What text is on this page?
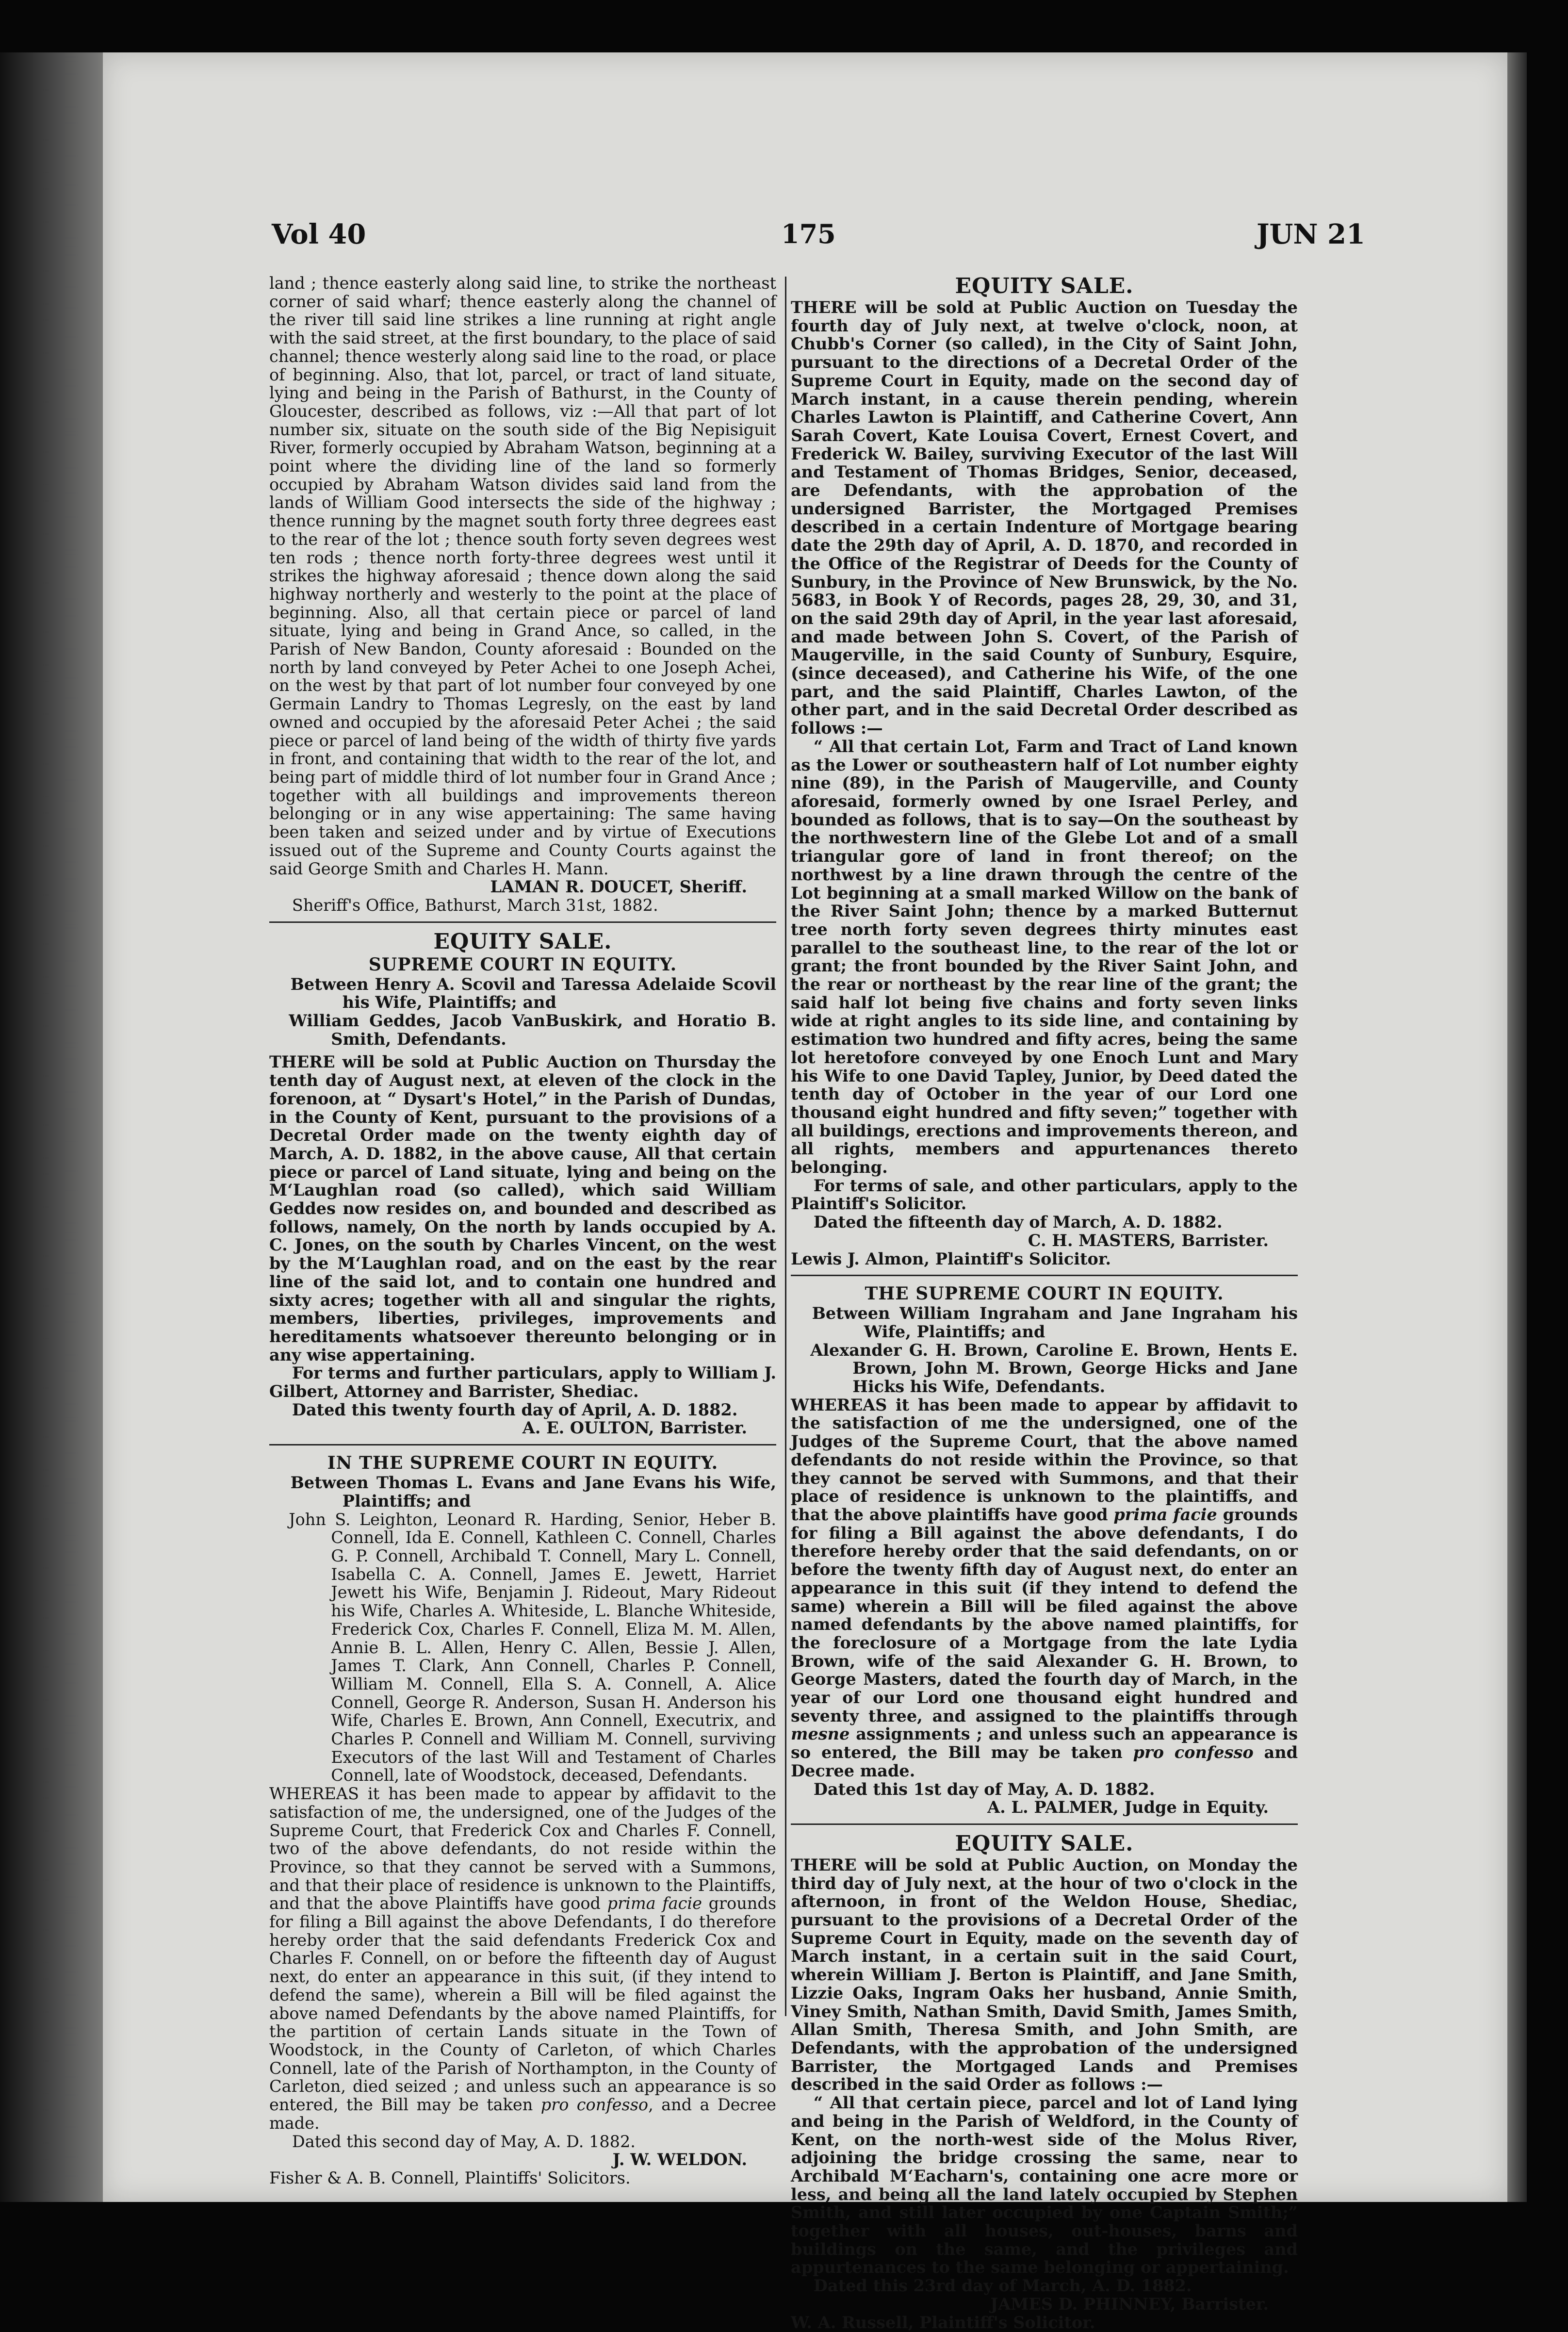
Vol 40	175	JUN 21

land ; thence easterly along said line, to strike the northeast corner of said wharf; thence easterly along the channel of the river till said line strikes a line running at right angle with the said street, at the first boundary, to the place of said channel; thence westerly along said line to the road, or place of beginning. Also, that lot, parcel, or tract of land situate, lying and being in the Parish of Bathurst, in the County of Gloucester, described as follows, viz :—All that part of lot number six, situate on the south side of the Big Nepisiguit River, formerly occupied by Abraham Watson, beginning at a point where the dividing line of the land so formerly occupied by Abraham Watson divides said land from the lands of William Good intersects the side of the highway ; thence running by the magnet south forty three degrees east to the rear of the lot ; thence south forty seven degrees west ten rods ; thence north forty-three degrees west until it strikes the highway aforesaid ; thence down along the said highway northerly and westerly to the point at the place of beginning. Also, all that certain piece or parcel of land situate, lying and being in Grand Ance, so called, in the Parish of New Bandon, County aforesaid : Bounded on the north by land conveyed by Peter Achei to one Joseph Achei, on the west by that part of lot number four conveyed by one Germain Landry to Thomas Legresly, on the east by land owned and occupied by the aforesaid Peter Achei ; the said piece or parcel of land being of the width of thirty five yards in front, and containing that width to the rear of the lot, and being part of middle third of lot number four in Grand Ance ; together with all buildings and improvements thereon belonging or in any wise appertaining: The same having been taken and seized under and by virtue of Executions issued out of the Supreme and County Courts against the said George Smith and Charles H. Mann.

LAMAN R. DOUCET, Sheriff.

Sheriff's Office, Bathurst, March 31st, 1882.

EQUITY SALE.

SUPREME COURT IN EQUITY.

Between Henry A. Scovil and Taressa Adelaide Scovil his Wife, Plaintiffs; and

William Geddes, Jacob VanBuskirk, and Horatio B. Smith, Defendants.

THERE will be sold at Public Auction on Thursday the tenth day of August next, at eleven of the clock in the forenoon, at “ Dysart's Hotel,” in the Parish of Dundas, in the County of Kent, pursuant to the provisions of a Decretal Order made on the twenty eighth day of March, A. D. 1882, in the above cause, All that certain piece or parcel of Land situate, lying and being on the M‘Laughlan road (so called), which said William Geddes now resides on, and bounded and described as follows, namely, On the north by lands occupied by A. C. Jones, on the south by Charles Vincent, on the west by the M‘Laughlan road, and on the east by the rear line of the said lot, and to contain one hundred and sixty acres; together with all and singular the rights, members, liberties, privileges, improvements and hereditaments whatsoever thereunto belonging or in any wise appertaining.

For terms and further particulars, apply to William J. Gilbert, Attorney and Barrister, Shediac.

Dated this twenty fourth day of April, A. D. 1882.

A. E. OULTON, Barrister.

IN THE SUPREME COURT IN EQUITY.

Between Thomas L. Evans and Jane Evans his Wife, Plaintiffs; and

John S. Leighton, Leonard R. Harding, Senior, Heber B. Connell, Ida E. Connell, Kathleen C. Connell, Charles G. P. Connell, Archibald T. Connell, Mary L. Connell, Isabella C. A. Connell, James E. Jewett, Harriet Jewett his Wife, Benjamin J. Rideout, Mary Rideout his Wife, Charles A. Whiteside, L. Blanche Whiteside, Frederick Cox, Charles F. Connell, Eliza M. M. Allen, Annie B. L. Allen, Henry C. Allen, Bessie J. Allen, James T. Clark, Ann Connell, Charles P. Connell, William M. Connell, Ella S. A. Connell, A. Alice Connell, George R. Anderson, Susan H. Anderson his Wife, Charles E. Brown, Ann Connell, Executrix, and Charles P. Connell and William M. Connell, surviving Executors of the last Will and Testament of Charles Connell, late of Woodstock, deceased, Defendants.

WHEREAS it has been made to appear by affidavit to the satisfaction of me, the undersigned, one of the Judges of the Supreme Court, that Frederick Cox and Charles F. Connell, two of the above defendants, do not reside within the Province, so that they cannot be served with a Summons, and that their place of residence is unknown to the Plaintiffs, and that the above Plaintiffs have good prima facie grounds for filing a Bill against the above Defendants, I do therefore hereby order that the said defendants Frederick Cox and Charles F. Connell, on or before the fifteenth day of August next, do enter an appearance in this suit, (if they intend to defend the same), wherein a Bill will be filed against the above named Defendants by the above named Plaintiffs, for the partition of certain Lands situate in the Town of Woodstock, in the County of Carleton, of which Charles Connell, late of the Parish of Northampton, in the County of Carleton, died seized ; and unless such an appearance is so entered, the Bill may be taken pro confesso, and a Decree made.

Dated this second day of May, A. D. 1882.

J. W. WELDON.

Fisher & A. B. Connell, Plaintiffs' Solicitors.

EQUITY SALE.

THERE will be sold at Public Auction on Tuesday the fourth day of July next, at twelve o'clock, noon, at Chubb's Corner (so called), in the City of Saint John, pursuant to the directions of a Decretal Order of the Supreme Court in Equity, made on the second day of March instant, in a cause therein pending, wherein Charles Lawton is Plaintiff, and Catherine Covert, Ann Sarah Covert, Kate Louisa Covert, Ernest Covert, and Frederick W. Bailey, surviving Executor of the last Will and Testament of Thomas Bridges, Senior, deceased, are Defendants, with the approbation of the undersigned Barrister, the Mortgaged Premises described in a certain Indenture of Mortgage bearing date the 29th day of April, A. D. 1870, and recorded in the Office of the Registrar of Deeds for the County of Sunbury, in the Province of New Brunswick, by the No. 5683, in Book Y of Records, pages 28, 29, 30, and 31, on the said 29th day of April, in the year last aforesaid, and made between John S. Covert, of the Parish of Maugerville, in the said County of Sunbury, Esquire, (since deceased), and Catherine his Wife, of the one part, and the said Plaintiff, Charles Lawton, of the other part, and in the said Decretal Order described as follows :—

“ All that certain Lot, Farm and Tract of Land known as the Lower or southeastern half of Lot number eighty nine (89), in the Parish of Maugerville, and County aforesaid, formerly owned by one Israel Perley, and bounded as follows, that is to say—On the southeast by the northwestern line of the Glebe Lot and of a small triangular gore of land in front thereof; on the northwest by a line drawn through the centre of the Lot beginning at a small marked Willow on the bank of the River Saint John; thence by a marked Butternut tree north forty seven degrees thirty minutes east parallel to the southeast line, to the rear of the lot or grant; the front bounded by the River Saint John, and the rear or northeast by the rear line of the grant; the said half lot being five chains and forty seven links wide at right angles to its side line, and containing by estimation two hundred and fifty acres, being the same lot heretofore conveyed by one Enoch Lunt and Mary his Wife to one David Tapley, Junior, by Deed dated the tenth day of October in the year of our Lord one thousand eight hundred and fifty seven;” together with all buildings, erections and improvements thereon, and all rights, members and appurtenances thereto belonging.

For terms of sale, and other particulars, apply to the Plaintiff's Solicitor.

Dated the fifteenth day of March, A. D. 1882.

C. H. MASTERS, Barrister.

Lewis J. Almon, Plaintiff's Solicitor.

THE SUPREME COURT IN EQUITY.

Between William Ingraham and Jane Ingraham his Wife, Plaintiffs; and

Alexander G. H. Brown, Caroline E. Brown, Hents E. Brown, John M. Brown, George Hicks and Jane Hicks his Wife, Defendants.

WHEREAS it has been made to appear by affidavit to the satisfaction of me the undersigned, one of the Judges of the Supreme Court, that the above named defendants do not reside within the Province, so that they cannot be served with Summons, and that their place of residence is unknown to the plaintiffs, and that the above plaintiffs have good prima facie grounds for filing a Bill against the above defendants, I do therefore hereby order that the said defendants, on or before the twenty fifth day of August next, do enter an appearance in this suit (if they intend to defend the same) wherein a Bill will be filed against the above named defendants by the above named plaintiffs, for the foreclosure of a Mortgage from the late Lydia Brown, wife of the said Alexander G. H. Brown, to George Masters, dated the fourth day of March, in the year of our Lord one thousand eight hundred and seventy three, and assigned to the plaintiffs through mesne assignments ; and unless such an appearance is so entered, the Bill may be taken pro confesso and Decree made.

Dated this 1st day of May, A. D. 1882.

A. L. PALMER, Judge in Equity.

EQUITY SALE.

THERE will be sold at Public Auction, on Monday the third day of July next, at the hour of two o'clock in the afternoon, in front of the Weldon House, Shediac, pursuant to the provisions of a Decretal Order of the Supreme Court in Equity, made on the seventh day of March instant, in a certain suit in the said Court, wherein William J. Berton is Plaintiff, and Jane Smith, Lizzie Oaks, Ingram Oaks her husband, Annie Smith, Viney Smith, Nathan Smith, David Smith, James Smith, Allan Smith, Theresa Smith, and John Smith, are Defendants, with the approbation of the undersigned Barrister, the Mortgaged Lands and Premises described in the said Order as follows :—

“ All that certain piece, parcel and lot of Land lying and being in the Parish of Weldford, in the County of Kent, on the north-west side of the Molus River, adjoining the bridge crossing the same, near to Archibald M‘Eacharn's, containing one acre more or less, and being all the land lately occupied by Stephen Smith, and still later occupied by one Captain Smith;” together with all houses, out-houses, barns and buildings on the same, and the privileges and appurtenances to the same belonging or appertaining.

Dated this 23rd day of March, A. D. 1882.

JAMES D. PHINNEY, Barrister.

W. A. Russell, Plaintiff's Solicitor.
